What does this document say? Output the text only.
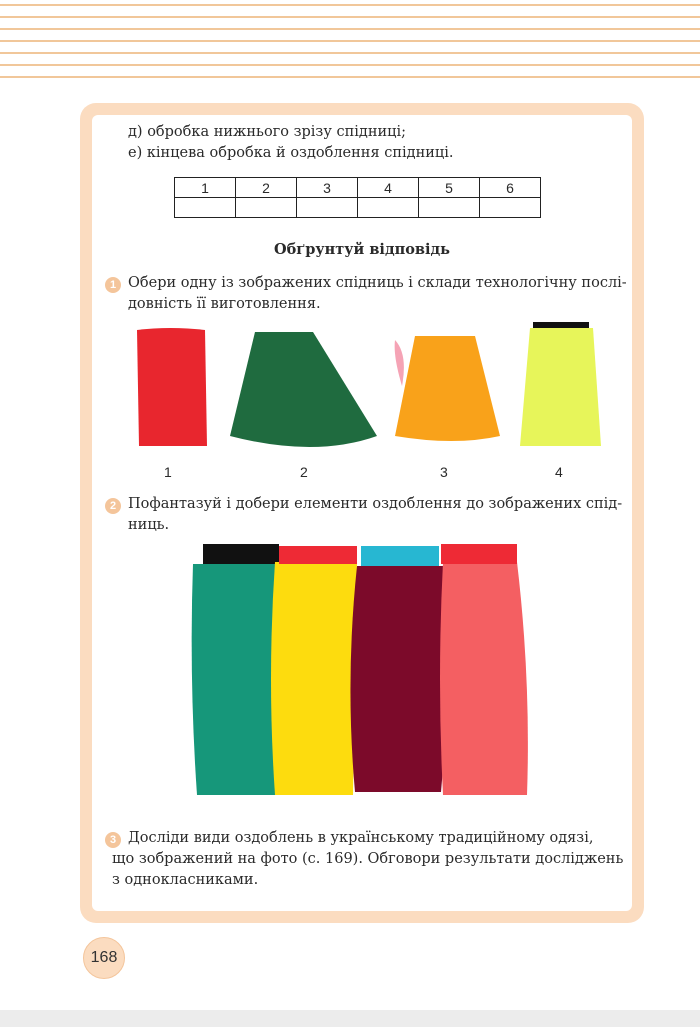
д) обробка нижнього зрізу спідниці;
е) кінцева обробка й оздоблення спідниці.
1	2	3	4	5	6

Обґрунтуй відповідь
1 Обери одну із зображених спідниць і склади технологічну послі-
довність її виготовлення.
1	2	3	4
2 Пофантазуй і добери елементи оздоблення до зображених спід-
ниць.
3 Досліди види оздоблень в українському традиційному одязі,
що зображений на фото (с. 169). Обговори результати досліджень
з однокласниками.
168
